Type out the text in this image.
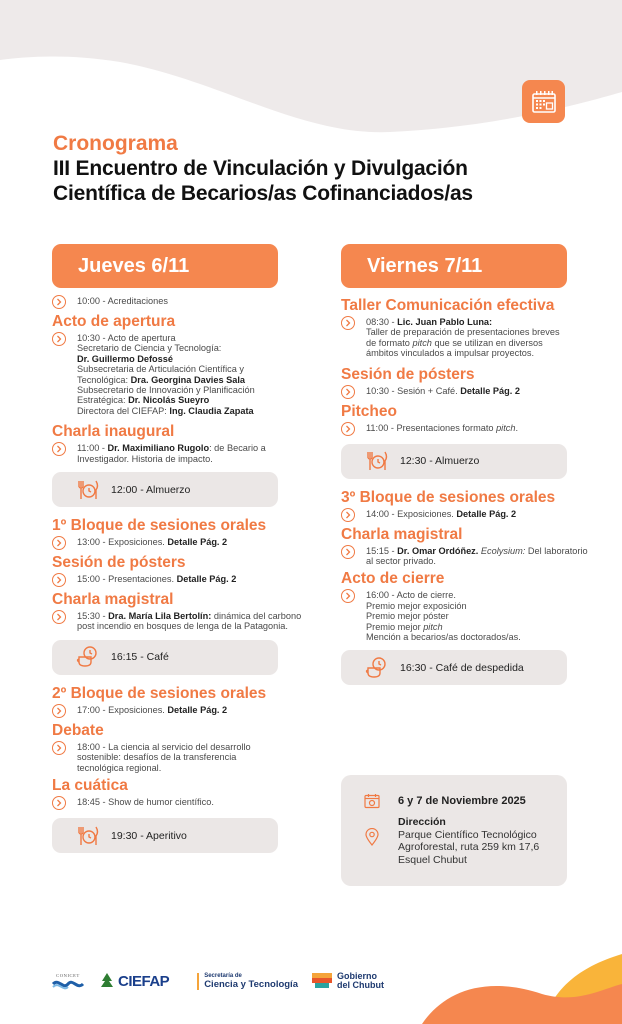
Cronograma
III Encuentro de Vinculación y Divulgación
Científica de Becarios/as Cofinanciados/as
Jueves 6/11
10:00 - Acreditaciones
Acto de apertura
10:30 - Acto de apertura
Secretario de Ciencia y Tecnología:
Dr. Guillermo Defossé
Subsecretaria de Articulación Científica y Tecnológica: Dra. Georgina Davies Sala
Subsecretario de Innovación y Planificación Estratégica: Dr. Nicolás Sueyro
Directora del CIEFAP: Ing. Claudia Zapata
Charla inaugural
11:00 - Dr. Maximiliano Rugolo: de Becario a Investigador. Historia de impacto.
12:00 - Almuerzo
1º Bloque de sesiones orales
13:00 - Exposiciones. Detalle Pág. 2
Sesión de pósters
15:00 - Presentaciones. Detalle Pág. 2
Charla magistral
15:30 - Dra. María Lila Bertolín: dinámica del carbono post incendio en bosques de lenga de la Patagonia.
16:15 - Café
2º Bloque de sesiones orales
17:00 - Exposiciones. Detalle Pág. 2
Debate
18:00 - La ciencia al servicio del desarrollo sostenible: desafíos de la transferencia tecnológica regional.
La cuática
18:45 - Show de humor científico.
19:30 - Aperitivo
Viernes 7/11
Taller Comunicación efectiva
08:30 - Lic. Juan Pablo Luna:
Taller de preparación de presentaciones breves de formato pitch que se utilizan en diversos ámbitos vinculados a impulsar proyectos.
Sesión de pósters
10:30 - Sesión + Café. Detalle Pág. 2
Pitcheo
11:00 - Presentaciones formato pitch.
12:30 - Almuerzo
3º Bloque de sesiones orales
14:00 - Exposiciones. Detalle Pág. 2
Charla magistral
15:15 - Dr. Omar Ordóñez. Ecolysium: Del laboratorio al sector privado.
Acto de cierre
16:00 - Acto de cierre.
Premio mejor exposición
Premio mejor póster
Premio mejor pitch
Mención a becarios/as doctorados/as.
16:30 - Café de despedida
6 y 7 de Noviembre 2025
Dirección
Parque Científico Tecnológico
Agroforestal, ruta 259 km 17,6
Esquel Chubut
CONICET	CIEFAP	Secretaría de
Ciencia y Tecnología
Gobierno
del Chubut
